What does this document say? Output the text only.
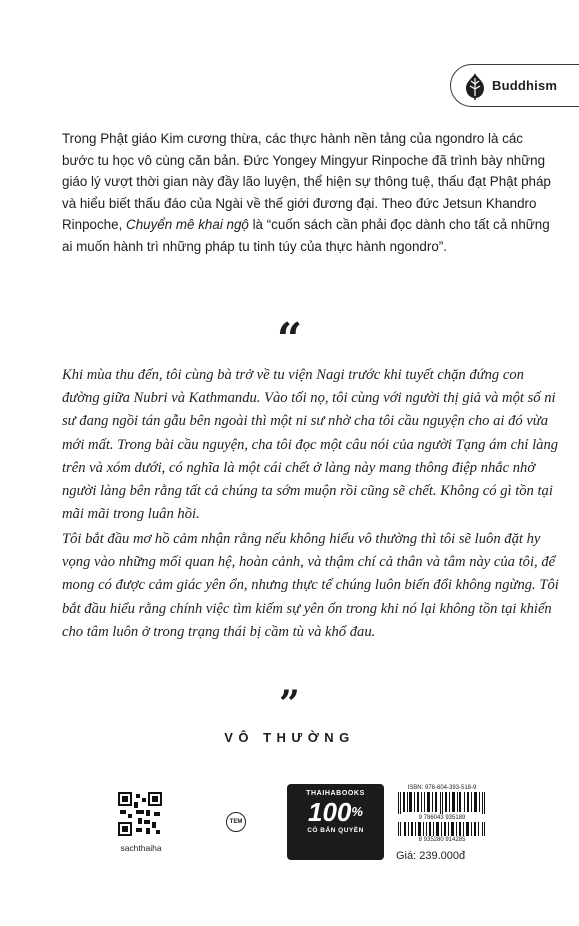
Buddhism

Trong Phật giáo Kim cương thừa, các thực hành nền tảng của ngondro là các bước tu học vô cùng căn bản. Đức Yongey Mingyur Rinpoche đã trình bày những giáo lý vượt thời gian này đầy lão luyện, thể hiện sự thông tuệ, thấu đạt Phật pháp và hiểu biết thấu đáo của Ngài về thế giới đương đại. Theo đức Jetsun Khandro Rinpoche, Chuyển mê khai ngộ là “cuốn sách cần phải đọc dành cho tất cả những ai muốn hành trì những pháp tu tinh túy của thực hành ngondro”.

“

Khi mùa thu đến, tôi cùng bà trở về tu viện Nagi trước khi tuyết chặn đứng con đường giữa Nubri và Kathmandu. Vào tối nọ, tôi cùng với người thị giả và một số ni sư đang ngồi tán gẫu bên ngoài thì một ni sư nhờ cha tôi cầu nguyện cho ai đó vừa mới mất. Trong bài cầu nguyện, cha tôi đọc một câu nói của người Tạng ám chỉ làng trên và xóm dưới, có nghĩa là một cái chết ở làng này mang thông điệp nhắc nhở người làng bên rằng tất cả chúng ta sớm muộn rồi cũng sẽ chết. Không có gì tồn tại mãi mãi trong luân hồi.

Tôi bắt đầu mơ hồ cảm nhận rằng nếu không hiểu vô thường thì tôi sẽ luôn đặt hy vọng vào những mối quan hệ, hoàn cảnh, và thậm chí cả thân và tâm này của tôi, để mong có được cảm giác yên ổn, nhưng thực tế chúng luôn biến đổi không ngừng. Tôi bắt đầu hiểu rằng chính việc tìm kiếm sự yên ổn trong khi nó lại không tồn tại khiến cho tâm luôn ở trong trạng thái bị cầm tù và khổ đau.

”
VÔ THƯỜNG
sachthaiha
TEM
THAIHABOOKS
100%
CÓ BẢN QUYỀN
ISBN: 978-604-393-518-9
9 786043 935189
8 935280 914285
Giá: 239.000đ
